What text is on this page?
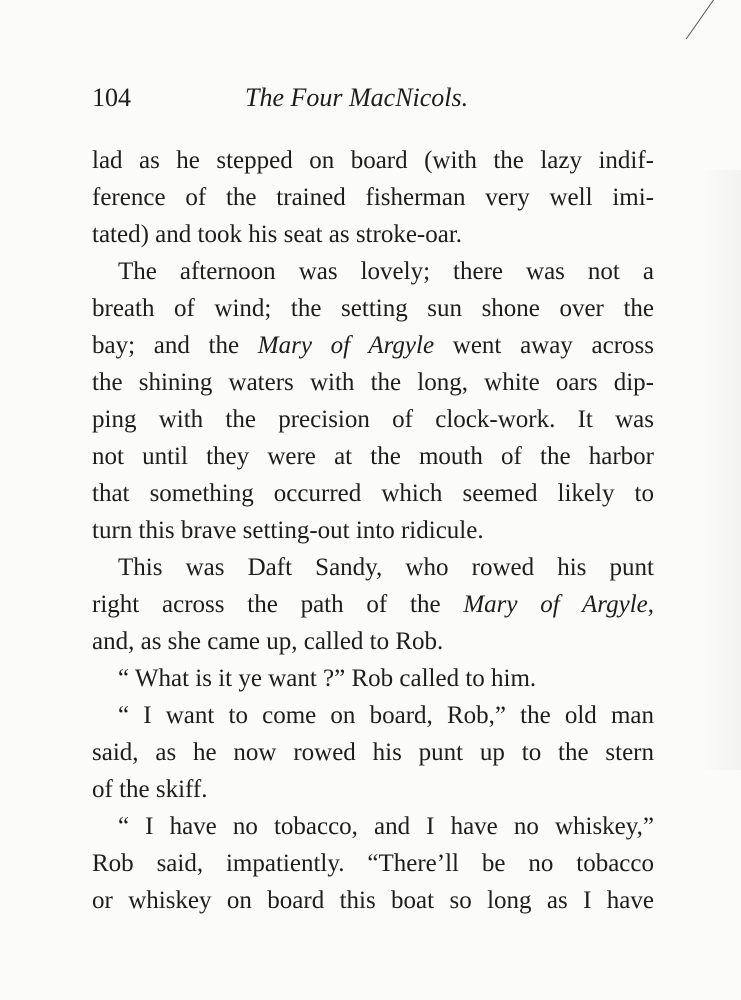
104	The Four MacNicols.
lad as he stepped on board (with the lazy indif-
ference of the trained fisherman very well imi-
tated) and took his seat as stroke-oar.
The afternoon was lovely; there was not a
breath of wind; the setting sun shone over the
bay; and the Mary of Argyle went away across
the shining waters with the long, white oars dip-
ping with the precision of clock-work. It was
not until they were at the mouth of the harbor
that something occurred which seemed likely to
turn this brave setting-out into ridicule.
This was Daft Sandy, who rowed his punt
right across the path of the Mary of Argyle,
and, as she came up, called to Rob.
“ What is it ye want ?” Rob called to him.
“ I want to come on board, Rob,” the old man
said, as he now rowed his punt up to the stern
of the skiff.
“ I have no tobacco, and I have no whiskey,”
Rob said, impatiently. “There’ll be no tobacco
or whiskey on board this boat so long as I have
